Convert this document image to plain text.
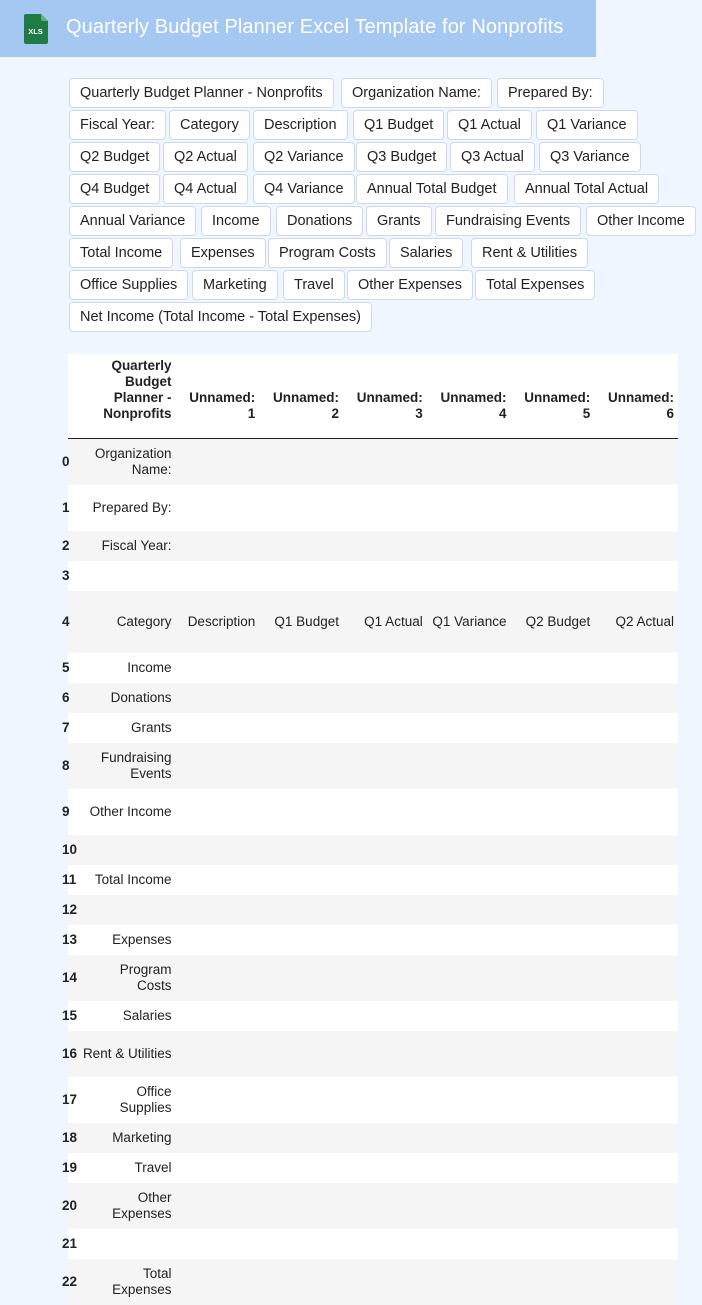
XLS Quarterly Budget Planner Excel Template for Nonprofits
Quarterly Budget Planner - Nonprofits	Organization Name:	Prepared By:
Fiscal Year:	Category	Description	Q1 Budget	Q1 Actual	Q1 Variance
Q2 Budget	Q2 Actual	Q2 Variance	Q3 Budget	Q3 Actual	Q3 Variance
Q4 Budget	Q4 Actual	Q4 Variance	Annual Total Budget	Annual Total Actual
Annual Variance	Income	Donations	Grants	Fundraising Events	Other Income
Total Income	Expenses	Program Costs	Salaries	Rent & Utilities
Office Supplies	Marketing	Travel	Other Expenses	Total Expenses
Net Income (Total Income - Total Expenses)
	Quarterly Budget Planner - Nonprofits	Unnamed: 1	Unnamed: 2	Unnamed: 3	Unnamed: 4	Unnamed: 5	Unnamed: 6
0	Organization Name:						
1	Prepared By:						
2	Fiscal Year:						
3							
4	Category	Description	Q1 Budget	Q1 Actual	Q1 Variance	Q2 Budget	Q2 Actual
5	Income						
6	Donations						
7	Grants						
8	Fundraising Events						
9	Other Income						
10							
11	Total Income						
12							
13	Expenses						
14	Program Costs						
15	Salaries						
16	Rent & Utilities						
17	Office Supplies						
18	Marketing						
19	Travel						
20	Other Expenses						
21							
22	Total Expenses						
